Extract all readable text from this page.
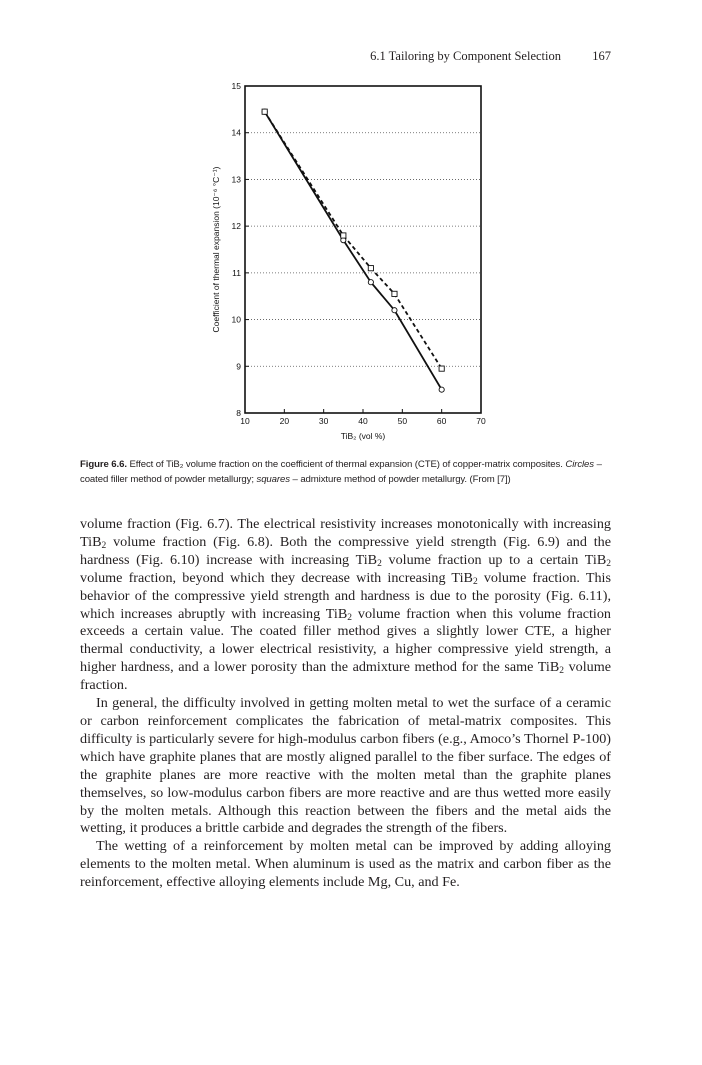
6.1 Tailoring by Component Selection	167
8
9
10
11
12
13
14
15
10	20	30	40	50	60	70
TiB₂ (vol %)
Coefficient of thermal expansion (10⁻⁶ °C⁻¹)
Figure 6.6. Effect of TiB₂ volume fraction on the coefficient of thermal expansion (CTE) of copper-matrix composites. Circles – coated filler method of powder metallurgy; squares – admixture method of powder metallurgy. (From [7])

volume fraction (Fig. 6.7). The electrical resistivity increases monotonically with increasing TiB$_2$ volume fraction (Fig. 6.8). Both the compressive yield strength (Fig. 6.9) and the hardness (Fig. 6.10) increase with increasing TiB$_2$ volume fraction up to a certain TiB$_2$ volume fraction, beyond which they decrease with increasing TiB$_2$ volume fraction. This behavior of the compressive yield strength and hardness is due to the porosity (Fig. 6.11), which increases abruptly with increasing TiB$_2$ volume fraction when this volume fraction exceeds a certain value. The coated filler method gives a slightly lower CTE, a higher thermal conductivity, a lower electrical resistivity, a higher compressive yield strength, a higher hardness, and a lower porosity than the admixture method for the same TiB$_2$ volume fraction.

In general, the difficulty involved in getting molten metal to wet the surface of a ceramic or carbon reinforcement complicates the fabrication of metal-matrix composites. This difficulty is particularly severe for high-modulus carbon fibers (e.g., Amoco’s Thornel P-100) which have graphite planes that are mostly aligned parallel to the fiber surface. The edges of the graphite planes are more reactive with the molten metal than the graphite planes themselves, so low-modulus carbon fibers are more reactive and are thus wetted more easily by the molten metals. Although this reaction between the fibers and the metal aids the wetting, it produces a brittle carbide and degrades the strength of the fibers.

The wetting of a reinforcement by molten metal can be improved by adding alloying elements to the molten metal. When aluminum is used as the matrix and carbon fiber as the reinforcement, effective alloying elements include Mg, Cu, and Fe.
